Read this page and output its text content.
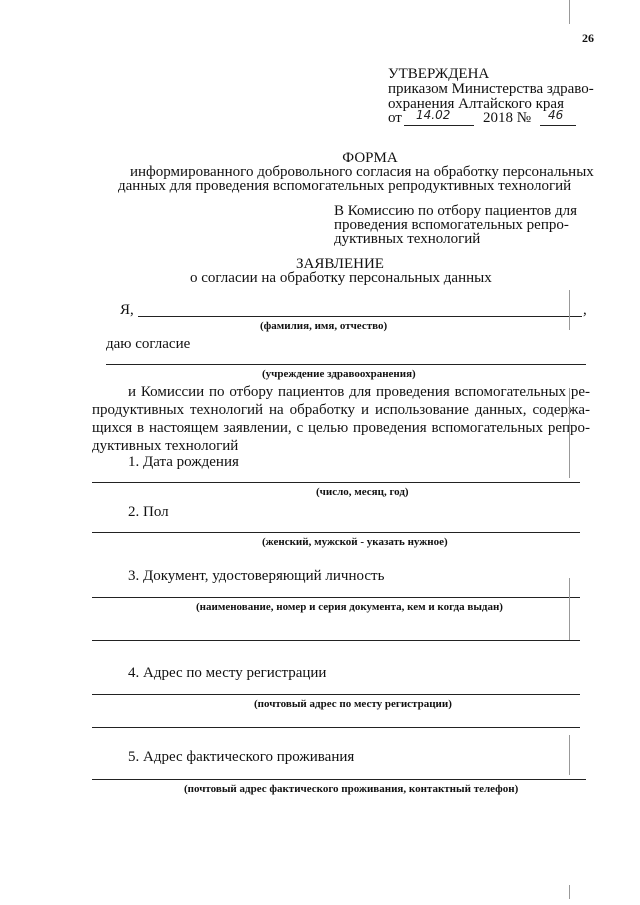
26
УТВЕРЖДЕНА
приказом Министерства здраво-
охранения Алтайского края
от 14.02 2018 № 46
ФОРМА
информированного добровольного согласия на обработку персональных
данных для проведения вспомогательных репродуктивных технологий
В Комиссию по отбору пациентов для
проведения вспомогательных репро-
дуктивных технологий
ЗАЯВЛЕНИЕ
о согласии на обработку персональных данных
Я,	,
(фамилия, имя, отчество)
даю согласие
(учреждение здравоохранения)
и Комиссии по отбору пациентов для проведения вспомогательных ре-
продуктивных технологий на обработку и использование данных, содержа-
щихся в настоящем заявлении, с целью проведения вспомогательных репро-
дуктивных технологий
1. Дата рождения
(число, месяц, год)
2. Пол
(женский, мужской - указать нужное)
3. Документ, удостоверяющий личность
(наименование, номер и серия документа, кем и когда выдан)
4. Адрес по месту регистрации
(почтовый адрес по месту регистрации)
5. Адрес фактического проживания
(почтовый адрес фактического проживания, контактный телефон)
